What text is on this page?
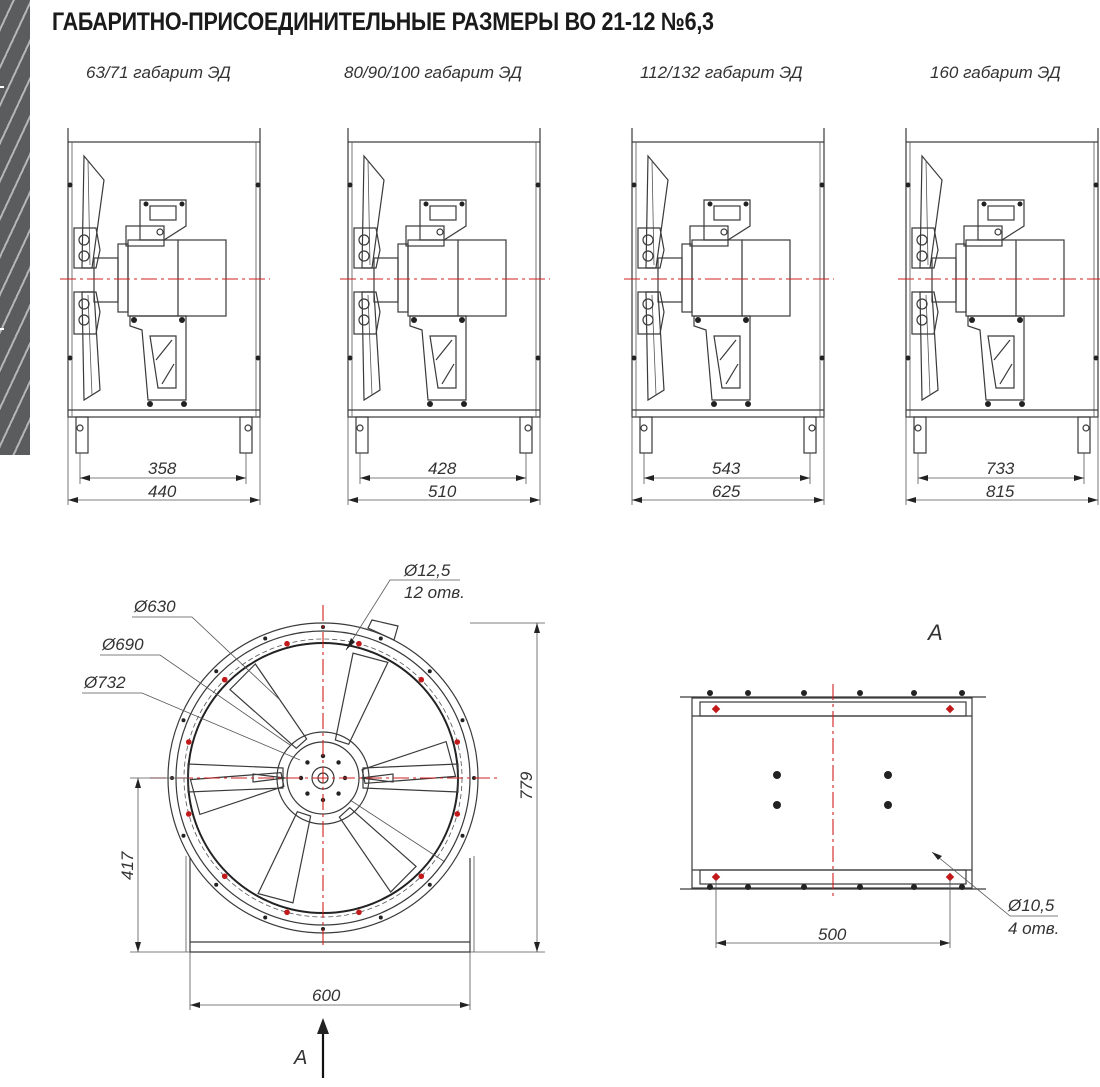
ГАБАРИТНО-ПРИСОЕДИНИТЕЛЬНЫЕ РАЗМЕРЫ ВО 21-12 №6,3
63/71 габарит ЭД
358
440
80/90/100 габарит ЭД
428
510
112/132 габарит ЭД
543
625
160 габарит ЭД
733
815
Ø630
Ø690
Ø732
Ø12,5
12 отв.
779
417
600
A
A
Ø10,5
4 отв.
500
